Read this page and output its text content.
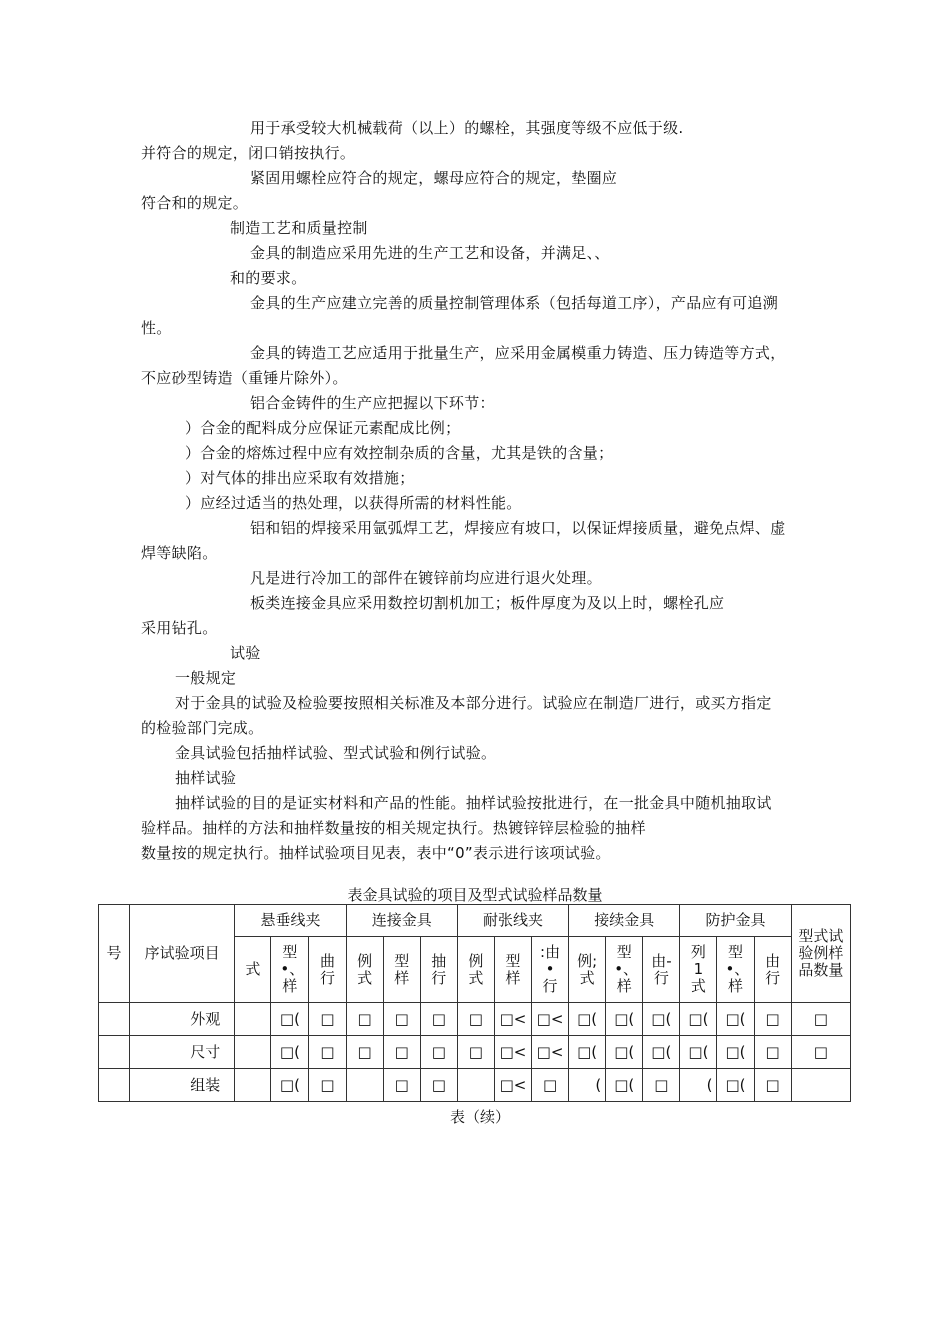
用于承受较大机械载荷（以上）的螺栓，其强度等级不应低于级.
并符合的规定，闭口销按执行。
紧固用螺栓应符合的规定，螺母应符合的规定，垫圈应
符合和的规定。
制造工艺和质量控制
金具的制造应采用先进的生产工艺和设备，并满足、、
和的要求。
金具的生产应建立完善的质量控制管理体系（包括每道工序），产品应有可追溯
性。
金具的铸造工艺应适用于批量生产，应采用金属模重力铸造、压力铸造等方式，
不应砂型铸造（重锤片除外）。
铝合金铸件的生产应把握以下环节：
）合金的配料成分应保证元素配成比例；
）合金的熔炼过程中应有效控制杂质的含量，尤其是铁的含量；
）对气体的排出应采取有效措施；
）应经过适当的热处理，以获得所需的材料性能。
铝和铝的焊接采用氩弧焊工艺，焊接应有坡口，以保证焊接质量，避免点焊、虚
焊等缺陷。
凡是进行冷加工的部件在镀锌前均应进行退火处理。
板类连接金具应采用数控切割机加工；板件厚度为及以上时，螺栓孔应
采用钻孔。
试验
一般规定
对于金具的试验及检验要按照相关标准及本部分进行。试验应在制造厂进行，或买方指定
的检验部门完成。
金具试验包括抽样试验、型式试验和例行试验。
抽样试验
抽样试验的目的是证实材料和产品的性能。抽样试验按批进行，在一批金具中随机抽取试
验样品。抽样的方法和抽样数量按的相关规定执行。热镀锌锌层检验的抽样
数量按的规定执行。抽样试验项目见表，表中“0”表示进行该项试验。
表金具试验的项目及型式试验样品数量
号	序试验项目	悬垂线夹			连接金具			耐张线夹			接续金具			防护金具			型式试验例样品数量
		式	型•、样	曲行	例式	型样	抽行	例式	型样	:由•行	例;式	型•、样	由-行	列1式	型•、样	由行	
	外观		□(	□	□	□	□	□	□<	□<	□(	□(	□(	□(	□(	□	□
	尺寸		□(	□	□	□	□	□	□<	□<	□(	□(	□(	□(	□(	□	□
	组装		□(	□		□	□		□<	□	(	□(	□	(	□(	□	
表（续）
